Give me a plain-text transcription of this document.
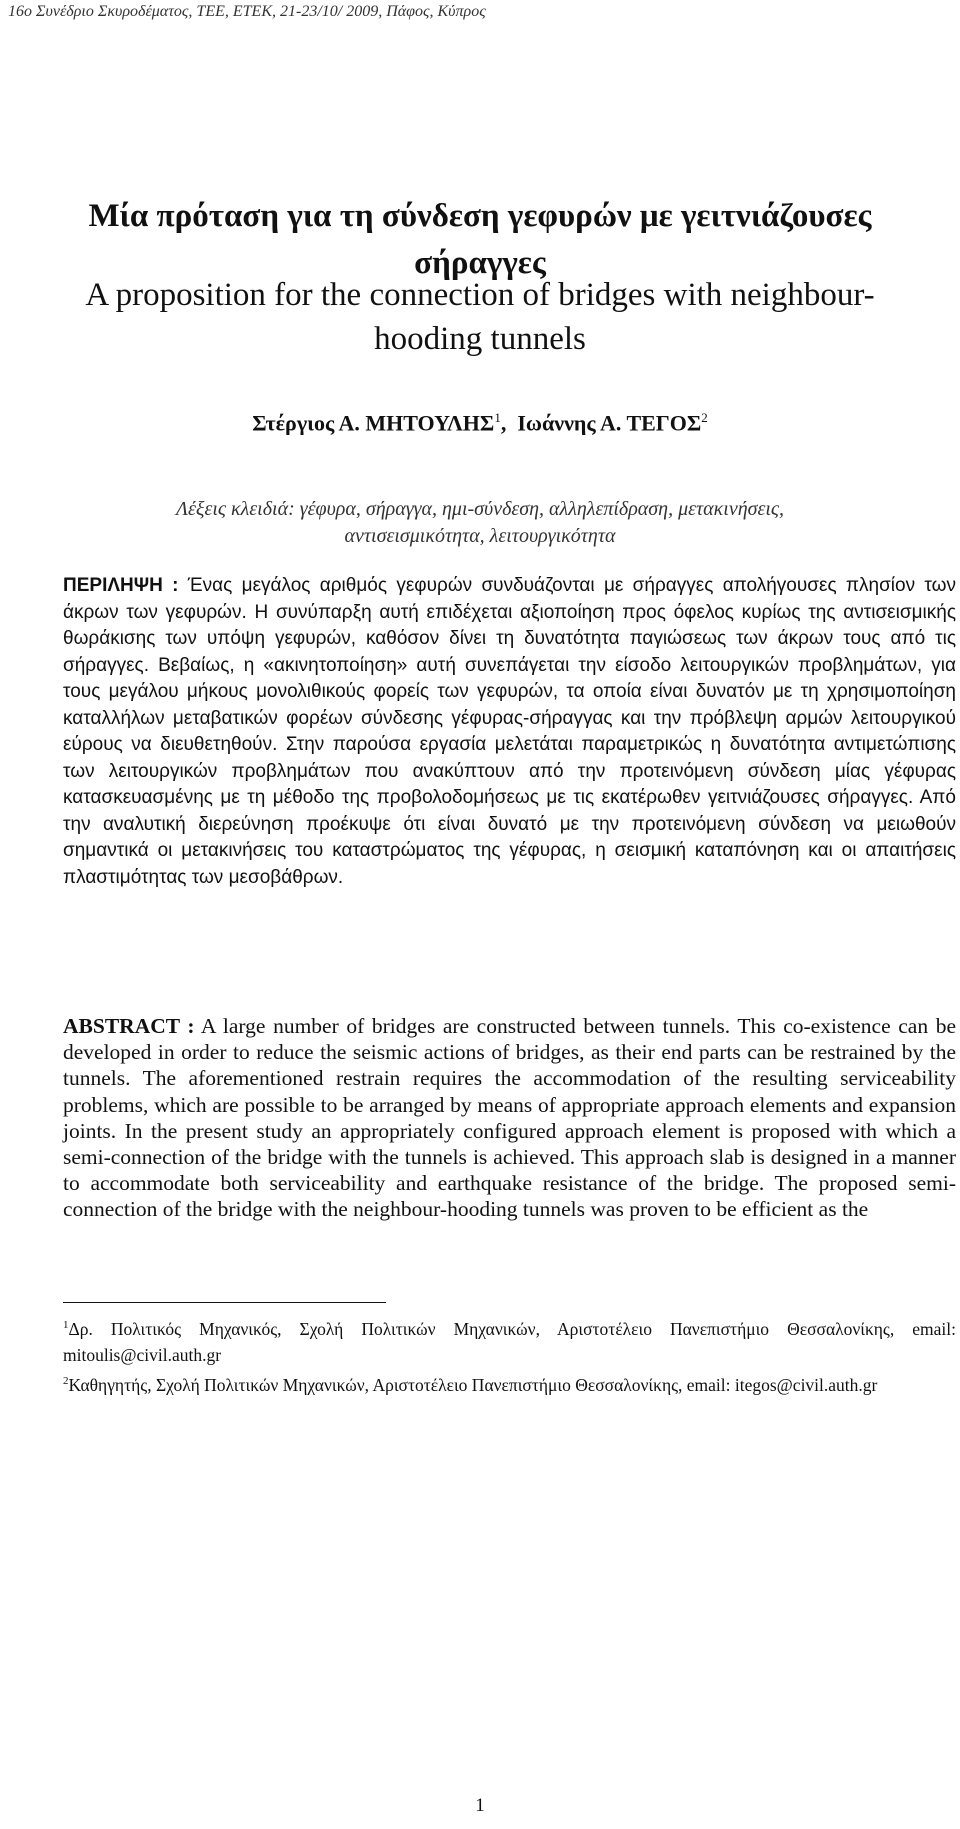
16ο Συνέδριο Σκυροδέματος, ΤΕΕ, ΕΤΕΚ, 21-23/10/ 2009, Πάφος, Κύπρος
Μία πρόταση για τη σύνδεση γεφυρών με γειτνιάζουσες
σήραγγες
A proposition for the connection of bridges with neighbour-
hooding tunnels
Στέργιος Α. ΜΗΤΟΥΛΗΣ$^1$,  Ιωάννης Α. ΤΕΓΟΣ$^2$
Λέξεις κλειδιά: γέφυρα, σήραγγα, ημι-σύνδεση, αλληλεπίδραση, μετακινήσεις,
αντισεισμικότητα, λειτουργικότητα
ΠΕΡΙΛΗΨΗ : Ένας μεγάλος αριθμός γεφυρών συνδυάζονται με σήραγγες απολήγουσες πλησίον των άκρων των γεφυρών. Η συνύπαρξη αυτή επιδέχεται αξιοποίηση προς όφελος κυρίως της αντισεισμικής θωράκισης των υπόψη γεφυρών, καθόσον δίνει τη δυνατότητα παγιώσεως των άκρων τους από τις σήραγγες. Βεβαίως, η «ακινητοποίηση» αυτή συνεπάγεται την είσοδο λειτουργικών προβλημάτων, για τους μεγάλου μήκους μονολιθικούς φορείς των γεφυρών, τα οποία είναι δυνατόν με τη χρησιμοποίηση καταλλήλων μεταβατικών φορέων σύνδεσης γέφυρας-σήραγγας και την πρόβλεψη αρμών λειτουργικού εύρους να διευθετηθούν. Στην παρούσα εργασία μελετάται παραμετρικώς η δυνατότητα αντιμετώπισης των λειτουργικών προβλημάτων που ανακύπτουν από την προτεινόμενη σύνδεση μίας γέφυρας κατασκευασμένης με τη μέθοδο της προβολοδομήσεως με τις εκατέρωθεν γειτνιάζουσες σήραγγες. Από την αναλυτική διερεύνηση προέκυψε ότι είναι δυνατό με την προτεινόμενη σύνδεση να μειωθούν σημαντικά οι μετακινήσεις του καταστρώματος της γέφυρας, η σεισμική καταπόνηση και οι απαιτήσεις πλαστιμότητας των μεσοβάθρων.
ABSTRACT : A large number of bridges are constructed between tunnels. This co-existence can be developed in order to reduce the seismic actions of bridges, as their end parts can be restrained by the tunnels. The aforementioned restrain requires the accommodation of the resulting serviceability problems, which are possible to be arranged by means of appropriate approach elements and expansion joints. In the present study an appropriately configured approach element is proposed with which a semi-connection of the bridge with the tunnels is achieved. This approach slab is designed in a manner to accommodate both serviceability and earthquake resistance of the bridge. The proposed semi-connection of the bridge with the neighbour-hooding tunnels was proven to be efficient as the
$^1$Δρ. Πολιτικός Μηχανικός, Σχολή Πολιτικών Μηχανικών, Αριστοτέλειο Πανεπιστήμιο Θεσσαλονίκης, email: mitoulis@civil.auth.gr
$^2$Καθηγητής, Σχολή Πολιτικών Μηχανικών, Αριστοτέλειο Πανεπιστήμιο Θεσσαλονίκης, email: itegos@civil.auth.gr
1
